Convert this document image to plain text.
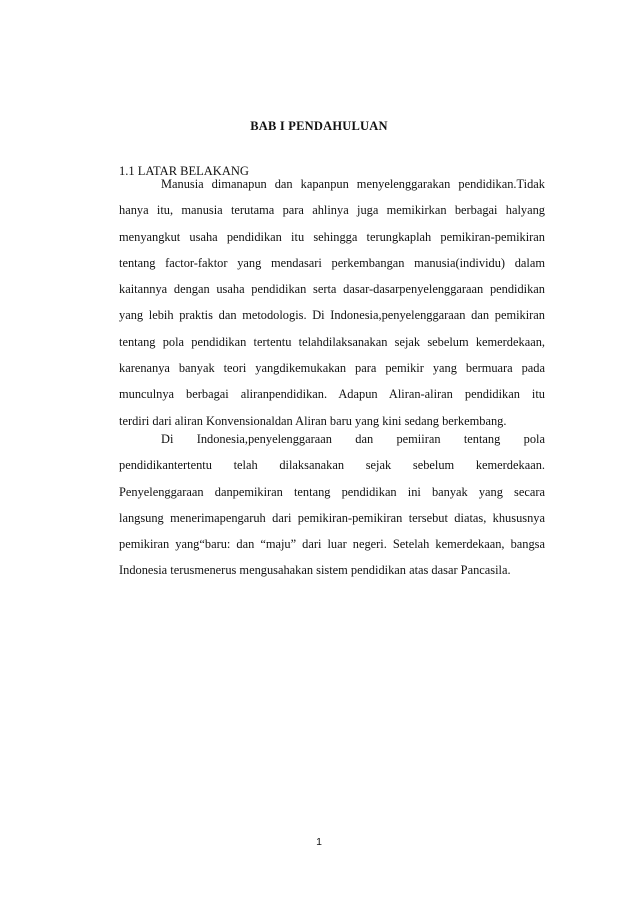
BAB I PENDAHULUAN
1.1 LATAR BELAKANG
Manusia dimanapun dan kapanpun menyelenggarakan pendidikan.Tidak
hanya itu, manusia terutama para ahlinya juga memikirkan berbagai halyang
menyangkut usaha pendidikan itu sehingga terungkaplah pemikiran-pemikiran
tentang factor-faktor yang mendasari perkembangan manusia(individu) dalam
kaitannya dengan usaha pendidikan serta dasar-dasarpenyelenggaraan pendidikan
yang lebih praktis dan metodologis. Di Indonesia,penyelenggaraan dan pemikiran
tentang pola pendidikan tertentu telahdilaksanakan sejak sebelum kemerdekaan,
karenanya banyak teori yangdikemukakan para pemikir yang bermuara pada
munculnya berbagai aliranpendidikan. Adapun Aliran-aliran pendidikan itu
terdiri dari aliran Konvensionaldan Aliran baru yang kini sedang berkembang.
Di Indonesia,penyelenggaraan dan pemiiran tentang pola
pendidikantertentu telah dilaksanakan sejak sebelum kemerdekaan.
Penyelenggaraan danpemikiran tentang pendidikan ini banyak yang secara
langsung menerimapengaruh dari pemikiran-pemikiran tersebut diatas, khususnya
pemikiran yang“baru: dan “maju” dari luar negeri. Setelah kemerdekaan, bangsa
Indonesia terusmenerus mengusahakan sistem pendidikan atas dasar Pancasila.
1
